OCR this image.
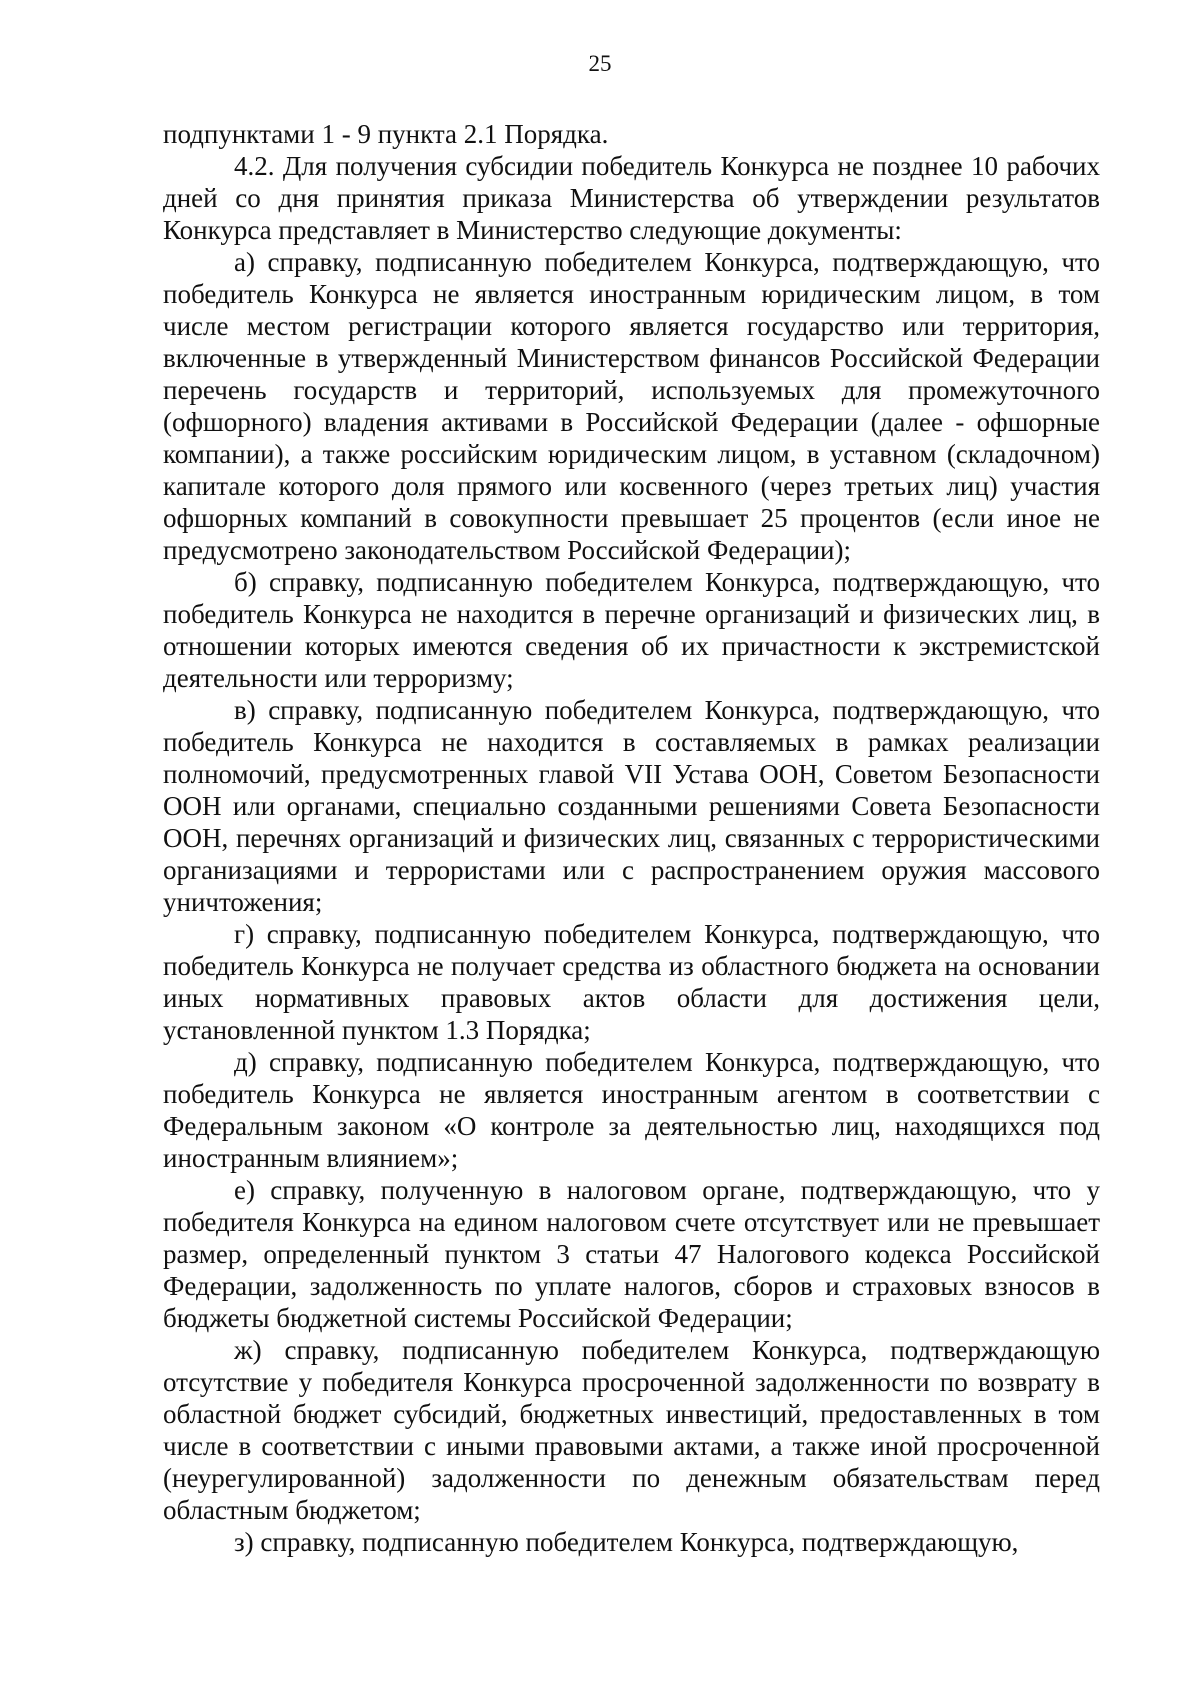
25

подпунктами 1 - 9 пункта 2.1 Порядка.

4.2. Для получения субсидии победитель Конкурса не позднее 10 рабочих дней со дня принятия приказа Министерства об утверждении результатов Конкурса представляет в Министерство следующие документы:

а) справку, подписанную победителем Конкурса, подтверждающую, что победитель Конкурса не является иностранным юридическим лицом, в том числе местом регистрации которого является государство или территория, включенные в утвержденный Министерством финансов Российской Федерации перечень государств и территорий, используемых для промежуточного (офшорного) владения активами в Российской Федерации (далее - офшорные компании), а также российским юридическим лицом, в уставном (складочном) капитале которого доля прямого или косвенного (через третьих лиц) участия офшорных компаний в совокупности превышает 25 процентов (если иное не предусмотрено законодательством Российской Федерации);

б) справку, подписанную победителем Конкурса, подтверждающую, что победитель Конкурса не находится в перечне организаций и физических лиц, в отношении которых имеются сведения об их причастности к экстремистской деятельности или терроризму;

в) справку, подписанную победителем Конкурса, подтверждающую, что победитель Конкурса не находится в составляемых в рамках реализации полномочий, предусмотренных главой VII Устава ООН, Советом Безопасности ООН или органами, специально созданными решениями Совета Безопасности ООН, перечнях организаций и физических лиц, связанных с террористическими организациями и террористами или с распространением оружия массового уничтожения;

г) справку, подписанную победителем Конкурса, подтверждающую, что победитель Конкурса не получает средства из областного бюджета на основании иных нормативных правовых актов области для достижения цели, установленной пунктом 1.3 Порядка;

д) справку, подписанную победителем Конкурса, подтверждающую, что победитель Конкурса не является иностранным агентом в соответствии с Федеральным законом «О контроле за деятельностью лиц, находящихся под иностранным влиянием»;

е) справку, полученную в налоговом органе, подтверждающую, что у победителя Конкурса на едином налоговом счете отсутствует или не превышает размер, определенный пунктом 3 статьи 47 Налогового кодекса Российской Федерации, задолженность по уплате налогов, сборов и страховых взносов в бюджеты бюджетной системы Российской Федерации;

ж) справку, подписанную победителем Конкурса, подтверждающую отсутствие у победителя Конкурса просроченной задолженности по возврату в областной бюджет субсидий, бюджетных инвестиций, предоставленных в том числе в соответствии с иными правовыми актами, а также иной просроченной (неурегулированной) задолженности по денежным обязательствам перед областным бюджетом;

з) справку, подписанную победителем Конкурса, подтверждающую,
